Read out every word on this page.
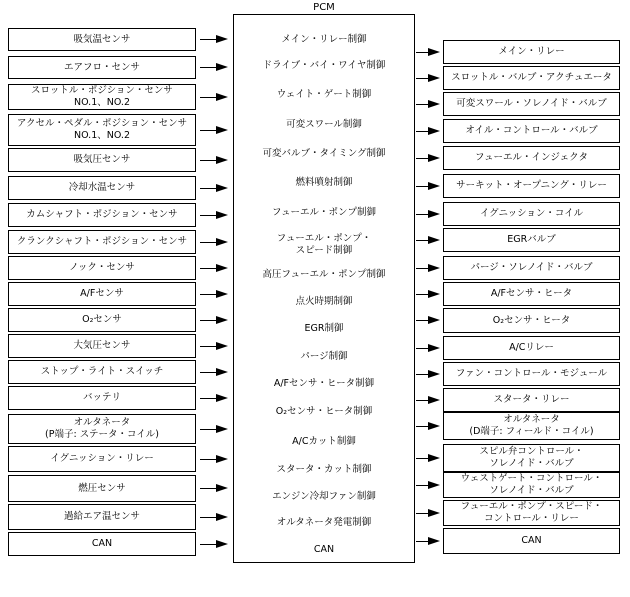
PCM
吸気温センサ
エアフロ・センサ
スロットル・ポジション・センサ
NO.1、NO.2
アクセル・ペダル・ポジション・センサ
NO.1、NO.2
吸気圧センサ
冷却水温センサ
カムシャフト・ポジション・センサ
クランクシャフト・ポジション・センサ
ノック・センサ
A/Fセンサ
O₂センサ
大気圧センサ
ストップ・ライト・スイッチ
バッテリ
オルタネータ
(P端子: ステータ・コイル)
イグニッション・リレー
燃圧センサ
過給エア温センサ
CAN
メイン・リレー
スロットル・バルブ・アクチュエータ
可変スワール・ソレノイド・バルブ
オイル・コントロール・バルブ
フューエル・インジェクタ
サーキット・オープニング・リレー
イグニッション・コイル
EGRバルブ
パージ・ソレノイド・バルブ
A/Fセンサ・ヒータ
O₂センサ・ヒータ
A/Cリレー
ファン・コントロール・モジュール
スタータ・リレー
オルタネータ
(D端子: フィールド・コイル)
スピル弁コントロール・
ソレノイド・バルブ
ウェストゲート・コントロール・
ソレノイド・バルブ
フューエル・ポンプ・スピード・
コントロール・リレー
CAN
メイン・リレー制御
ドライブ・バイ・ワイヤ制御
ウェイト・ゲート制御
可変スワール制御
可変バルブ・タイミング制御
燃料噴射制御
フューエル・ポンプ制御
フューエル・ポンプ・
スピード制御
高圧フューエル・ポンプ制御
点火時期制御
EGR制御
パージ制御
A/Fセンサ・ヒータ制御
O₂センサ・ヒータ制御
A/Cカット制御
スタータ・カット制御
エンジン冷却ファン制御
オルタネータ発電制御
CAN
